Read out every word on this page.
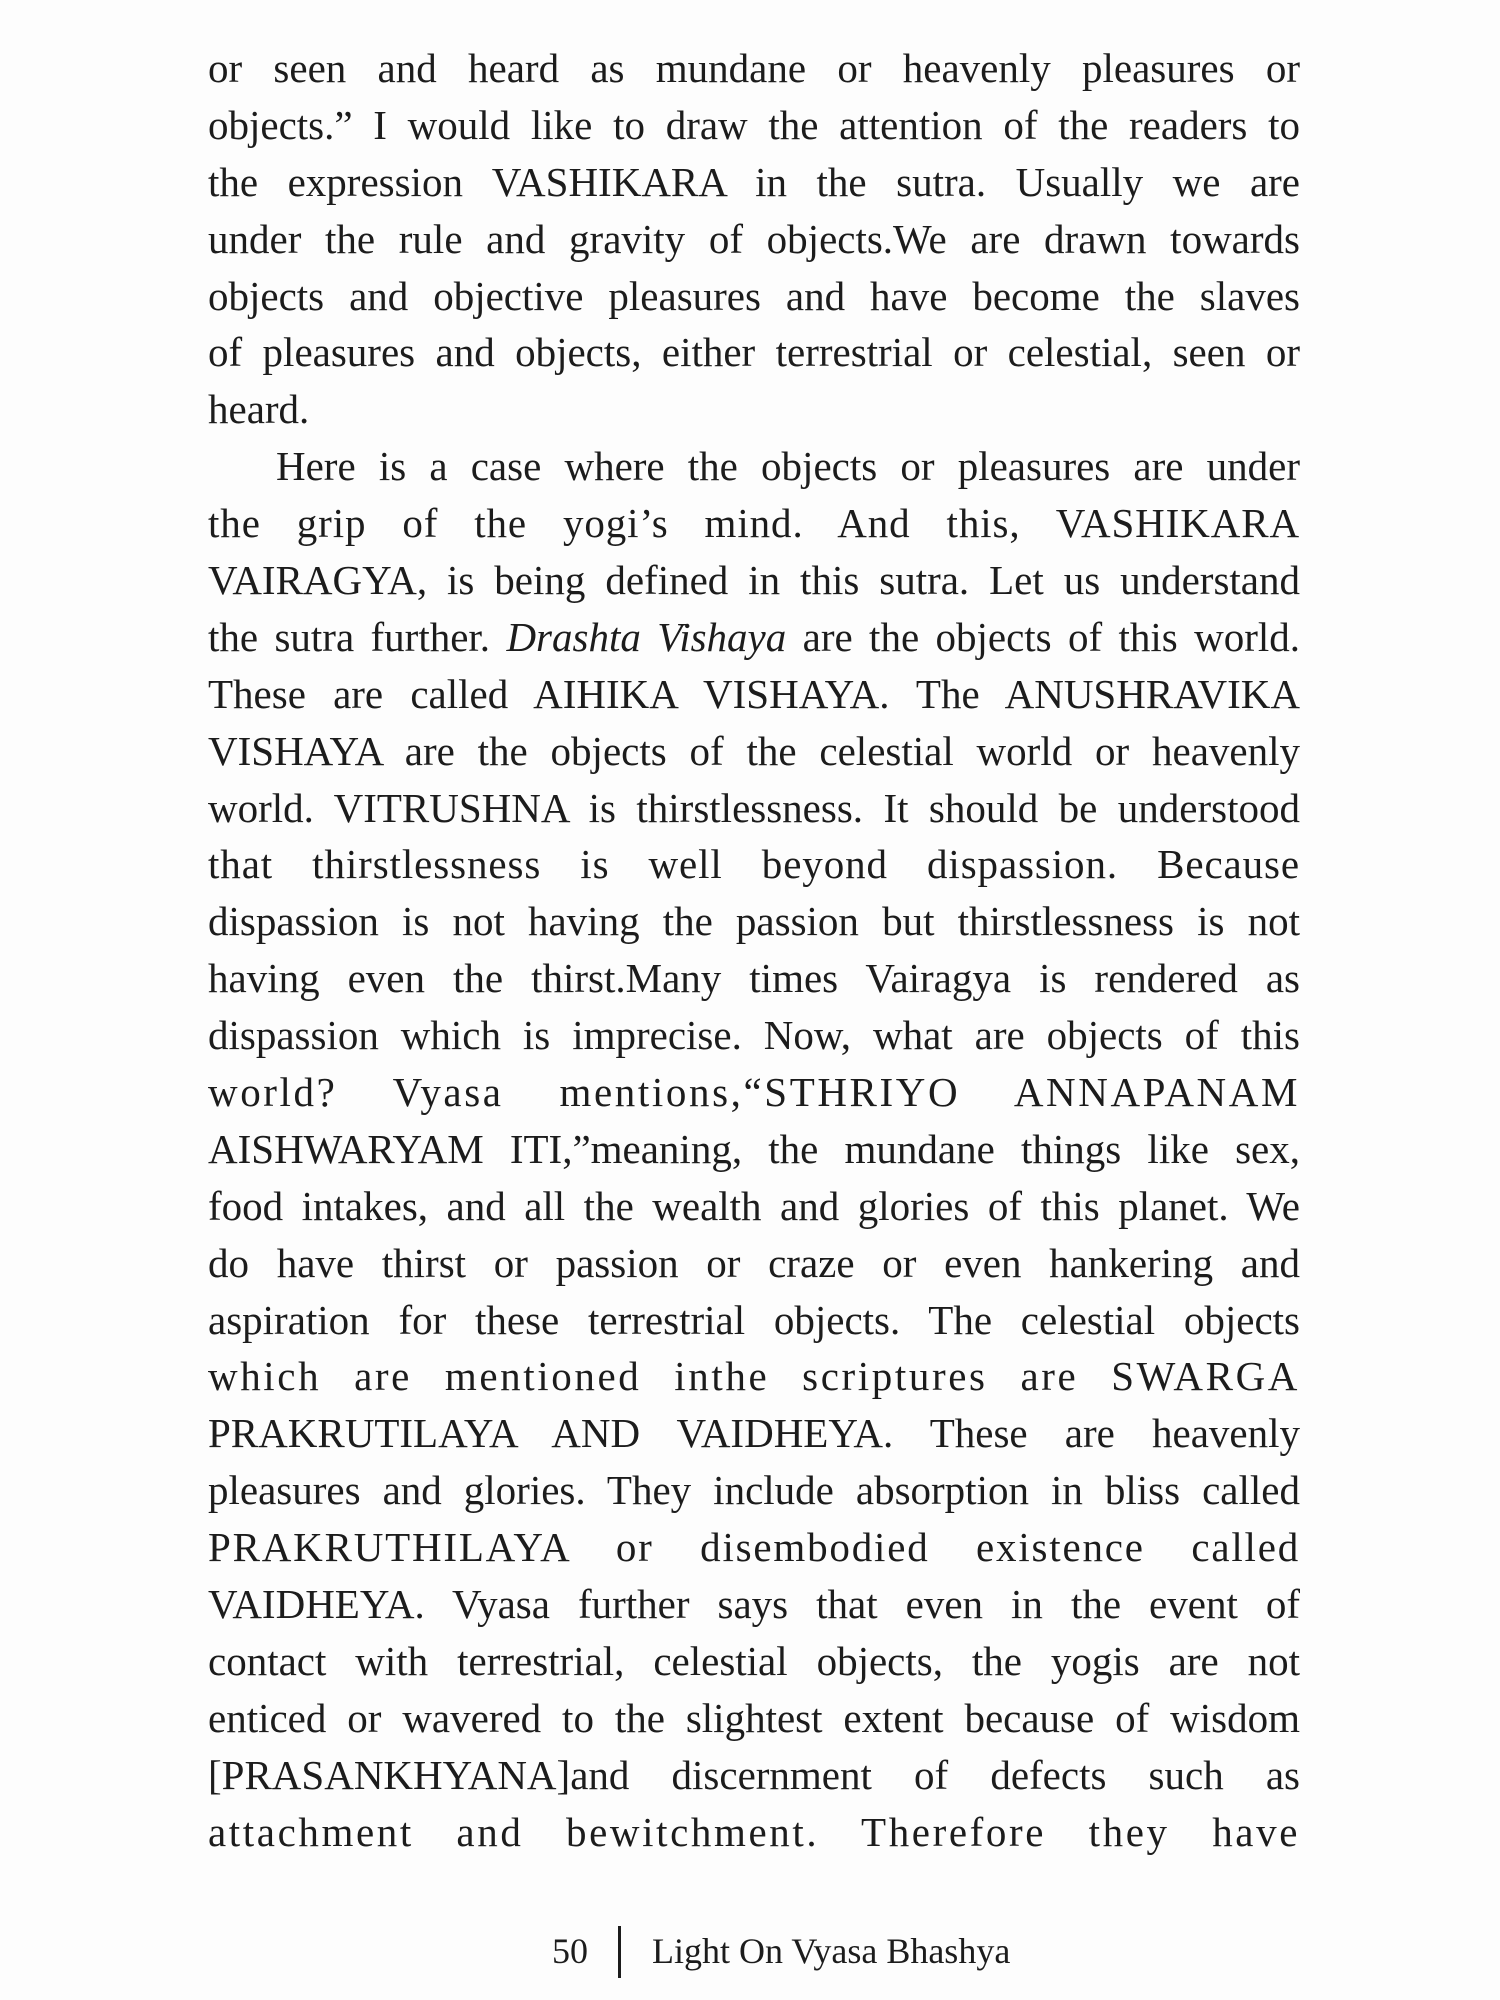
or seen and heard as mundane or heavenly pleasures or
objects.” I would like to draw the attention of the readers to
the expression VASHIKARA in the sutra. Usually we are
under the rule and gravity of objects.We are drawn towards
objects and objective pleasures and have become the slaves
of pleasures and objects, either terrestrial or celestial, seen or
heard.
Here is a case where the objects or pleasures are under
the grip of the yogi’s mind. And this, VASHIKARA
VAIRAGYA, is being defined in this sutra. Let us understand
the sutra further. Drashta Vishaya are the objects of this world.
These are called AIHIKA VISHAYA. The ANUSHRAVIKA
VISHAYA are the objects of the celestial world or heavenly
world. VITRUSHNA is thirstlessness. It should be understood
that thirstlessness is well beyond dispassion. Because
dispassion is not having the passion but thirstlessness is not
having even the thirst.Many times Vairagya is rendered as
dispassion which is imprecise. Now, what are objects of this
world? Vyasa mentions,“STHRIYO ANNAPANAM
AISHWARYAM ITI,”meaning, the mundane things like sex,
food intakes, and all the wealth and glories of this planet. We
do have thirst or passion or craze or even hankering and
aspiration for these terrestrial objects. The celestial objects
which are mentioned inthe scriptures are SWARGA
PRAKRUTILAYA AND VAIDHEYA. These are heavenly
pleasures and glories. They include absorption in bliss called
PRAKRUTHILAYA or disembodied existence called
VAIDHEYA. Vyasa further says that even in the event of
contact with terrestrial, celestial objects, the yogis are not
enticed or wavered to the slightest extent because of wisdom
[PRASANKHYANA]and discernment of defects such as
attachment and bewitchment. Therefore they have
50 Light On Vyasa Bhashya
